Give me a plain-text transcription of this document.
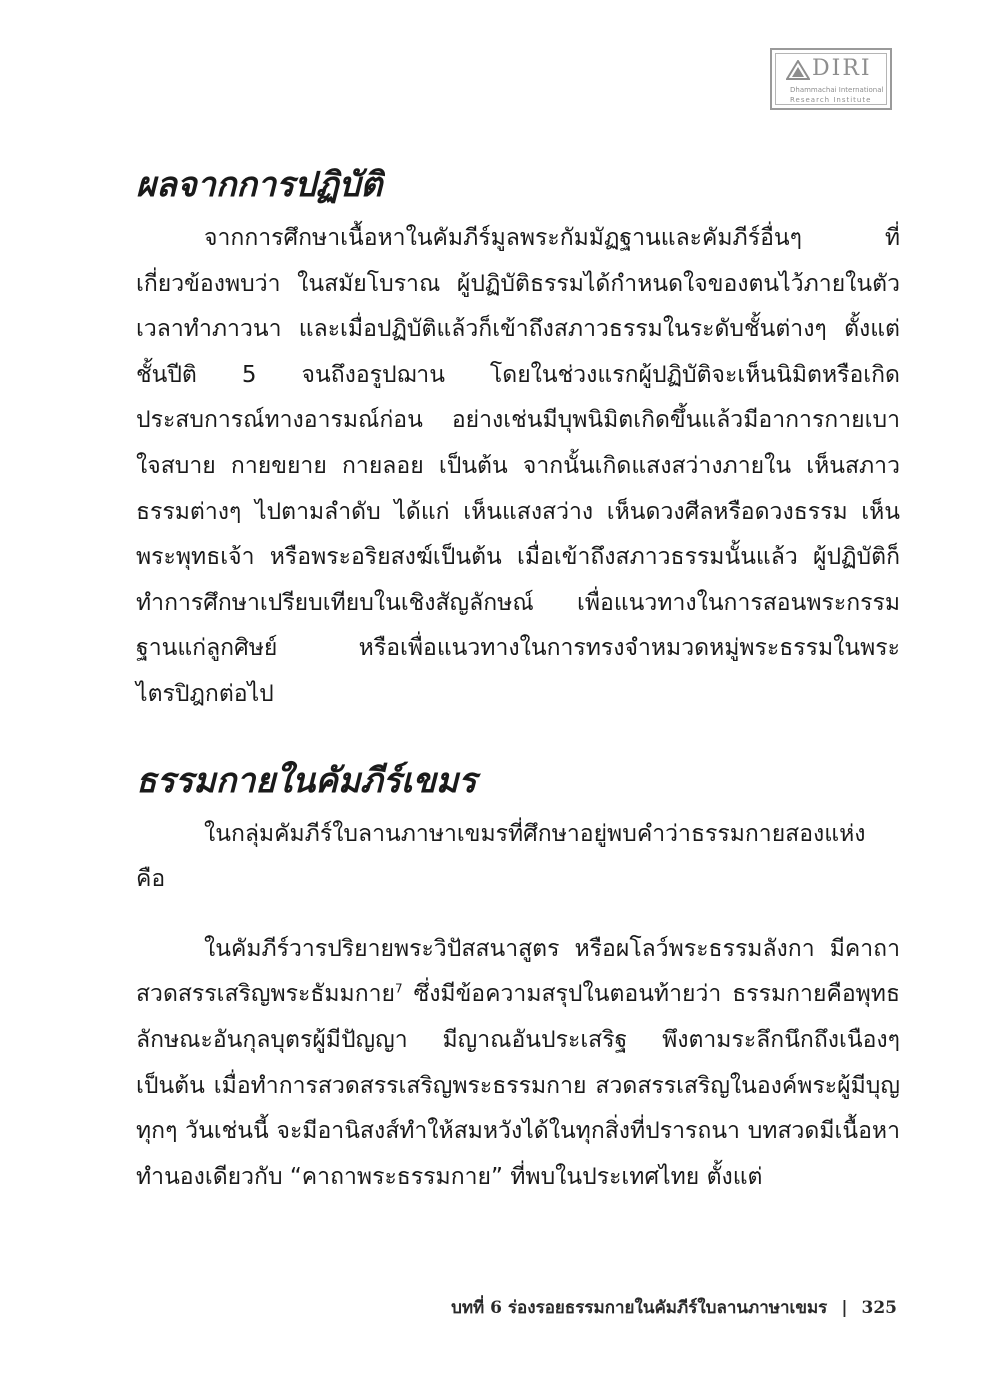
DIRI
Dhammachai International
Research Institute
ผลจากการปฏิบัติ

จากการศึกษาเนื้อหาในคัมภีร์มูลพระกัมมัฏฐานและคัมภีร์อื่นๆ ที่เกี่ยวข้องพบว่า ในสมัยโบราณ ผู้ปฏิบัติธรรมได้กำหนดใจของตนไว้ภายในตัวเวลาทำภาวนา และเมื่อปฏิบัติแล้วก็เข้าถึงสภาวธรรมในระดับชั้นต่างๆ ตั้งแต่ชั้นปีติ 5 จนถึงอรูปฌาน โดยในช่วงแรกผู้ปฏิบัติจะเห็นนิมิตหรือเกิดประสบการณ์ทางอารมณ์ก่อน อย่างเช่นมีบุพนิมิตเกิดขึ้นแล้วมีอาการกายเบา ใจสบาย กายขยาย กายลอย เป็นต้น จากนั้นเกิดแสงสว่างภายใน เห็นสภาวธรรมต่างๆ ไปตามลำดับ ได้แก่ เห็นแสงสว่าง เห็นดวงศีลหรือดวงธรรม เห็นพระพุทธเจ้า หรือพระอริยสงฆ์เป็นต้น เมื่อเข้าถึงสภาวธรรมนั้นแล้ว ผู้ปฏิบัติก็ทำการศึกษาเปรียบเทียบในเชิงสัญลักษณ์ เพื่อแนวทางในการสอนพระกรรมฐานแก่ลูกศิษย์ หรือเพื่อแนวทางในการทรงจำหมวดหมู่พระธรรมในพระไตรปิฎกต่อไป

ธรรมกายในคัมภีร์เขมร

ในกลุ่มคัมภีร์ใบลานภาษาเขมรที่ศึกษาอยู่พบคำว่าธรรมกายสองแห่ง คือ

ในคัมภีร์วารปริยายพระวิปัสสนาสูตร หรือผโลว์พระธรรมลังกา มีคาถาสวดสรรเสริญพระธัมมกาย$^7$ ซึ่งมีข้อความสรุปในตอนท้ายว่า ธรรมกายคือพุทธลักษณะอันกุลบุตรผู้มีปัญญา มีญาณอันประเสริฐ พึงตามระลึกนึกถึงเนืองๆ เป็นต้น เมื่อทำการสวดสรรเสริญพระธรรมกาย สวดสรรเสริญในองค์พระผู้มีบุญทุกๆ วันเช่นนี้ จะมีอานิสงส์ทำให้สมหวังได้ในทุกสิ่งที่ปรารถนา บทสวดมีเนื้อหาทำนองเดียวกับ “คาถาพระธรรมกาย” ที่พบในประเทศไทย ตั้งแต่

บทที่ 6 ร่องรอยธรรมกายในคัมภีร์ใบลานภาษาเขมร | 325
